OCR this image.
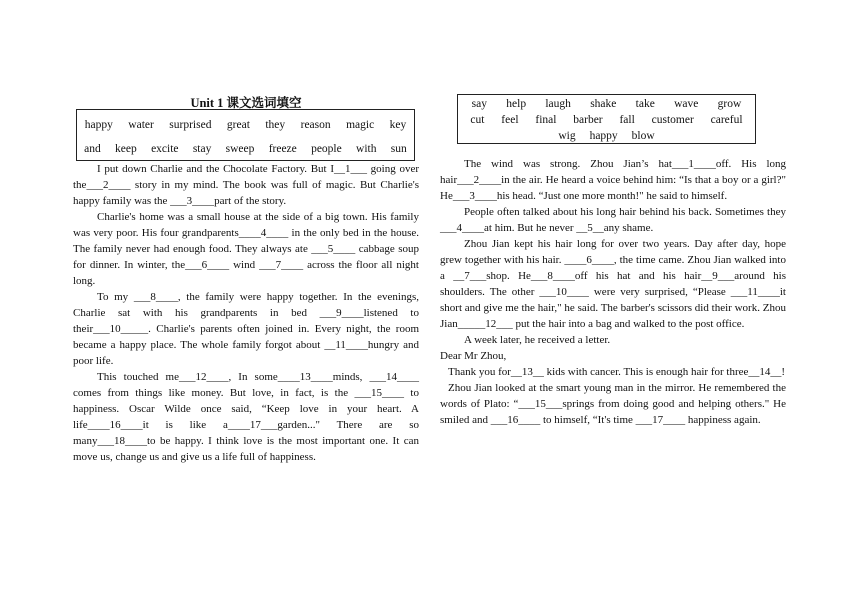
Unit 1 课文选词填空
happy water surprised great they reason magic key
and keep excite stay sweep freeze people with sun

I put down Charlie and the Chocolate Factory. But I__1___ going over the___2____ story in my mind. The book was full of magic. But Charlie's happy family was the ___3____part of the story.

Charlie's home was a small house at the side of a big town. His family was very poor. His four grandparents____4____ in the only bed in the house. The family never had enough food. They always ate ___5____ cabbage soup for dinner. In winter, the___6____ wind ___7____ across the floor all night long.

To my ___8____, the family were happy together. In the evenings, Charlie sat with his grandparents in bed ___9____listened to their___10_____. Charlie's parents often joined in. Every night, the room became a happy place. The whole family forgot about __11____hungry and poor life.

This touched me___12____, In some____13____minds, ___14____ comes from things like money. But love, in fact, is the ___15____ to happiness. Oscar Wilde once said, “Keep love in your heart. A life____16____it is like a____17___garden..." There are so many___18____to be happy. I think love is the most important one. It can move us, change us and give us a life full of happiness.

say help laugh shake take wave grow
cut feel final barber fall customer careful
wig happy blow

The wind was strong. Zhou Jian’s hat___1____off. His long hair___2____in the air. He heard a voice behind him: “Is that a boy or a girl?" He___3____his head. “Just one more month!" he said to himself.

People often talked about his long hair behind his back. Sometimes they ___4____at him. But he never __5__any shame.

Zhou Jian kept his hair long for over two years. Day after day, hope grew together with his hair. ____6____, the time came. Zhou Jian walked into a __7___shop. He___8____off his hat and his hair__9___around his shoulders. The other ___10____ were very surprised, “Please ___11____it short and give me the hair," he said. The barber's scissors did their work. Zhou Jian_____12___ put the hair into a bag and walked to the post office.

A week later, he received a letter.

Dear Mr Zhou,

Thank you for__13__ kids with cancer. This is enough hair for three__14__!

Zhou Jian looked at the smart young man in the mirror. He remembered the words of Plato: “___15___springs from doing good and helping others." He smiled and ___16____ to himself, “It's time ___17____ happiness again.
